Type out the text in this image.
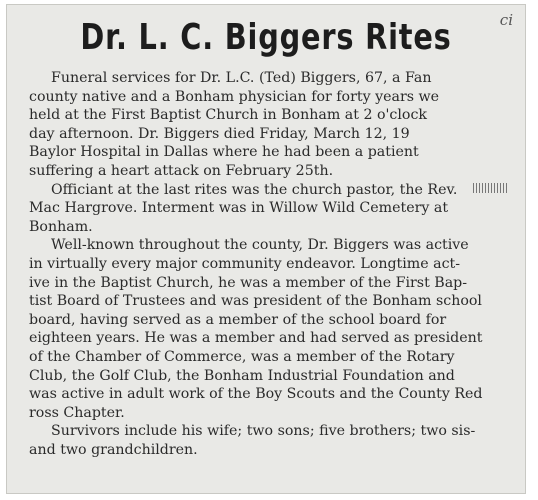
ci
Dr. L. C. Biggers Rites
Funeral services for Dr. L.C. (Ted) Biggers, 67, a Fan
county native and a Bonham physician for forty years we
held at the First Baptist Church in Bonham at 2 o'clock
day afternoon. Dr. Biggers died Friday, March 12, 19
Baylor Hospital in Dallas where he had been a patient
suffering a heart attack on February 25th.
Officiant at the last rites was the church pastor, the Rev.
Mac Hargrove. Interment was in Willow Wild Cemetery at
Bonham.
Well-known throughout the county, Dr. Biggers was active
in virtually every major community endeavor. Longtime act-
ive in the Baptist Church, he was a member of the First Bap-
tist Board of Trustees and was president of the Bonham school
board, having served as a member of the school board for
eighteen years. He was a member and had served as president
of the Chamber of Commerce, was a member of the Rotary
Club, the Golf Club, the Bonham Industrial Foundation and
was active in adult work of the Boy Scouts and the County Red
ross Chapter.
Survivors include his wife; two sons; five brothers; two sis-
and two grandchildren.
